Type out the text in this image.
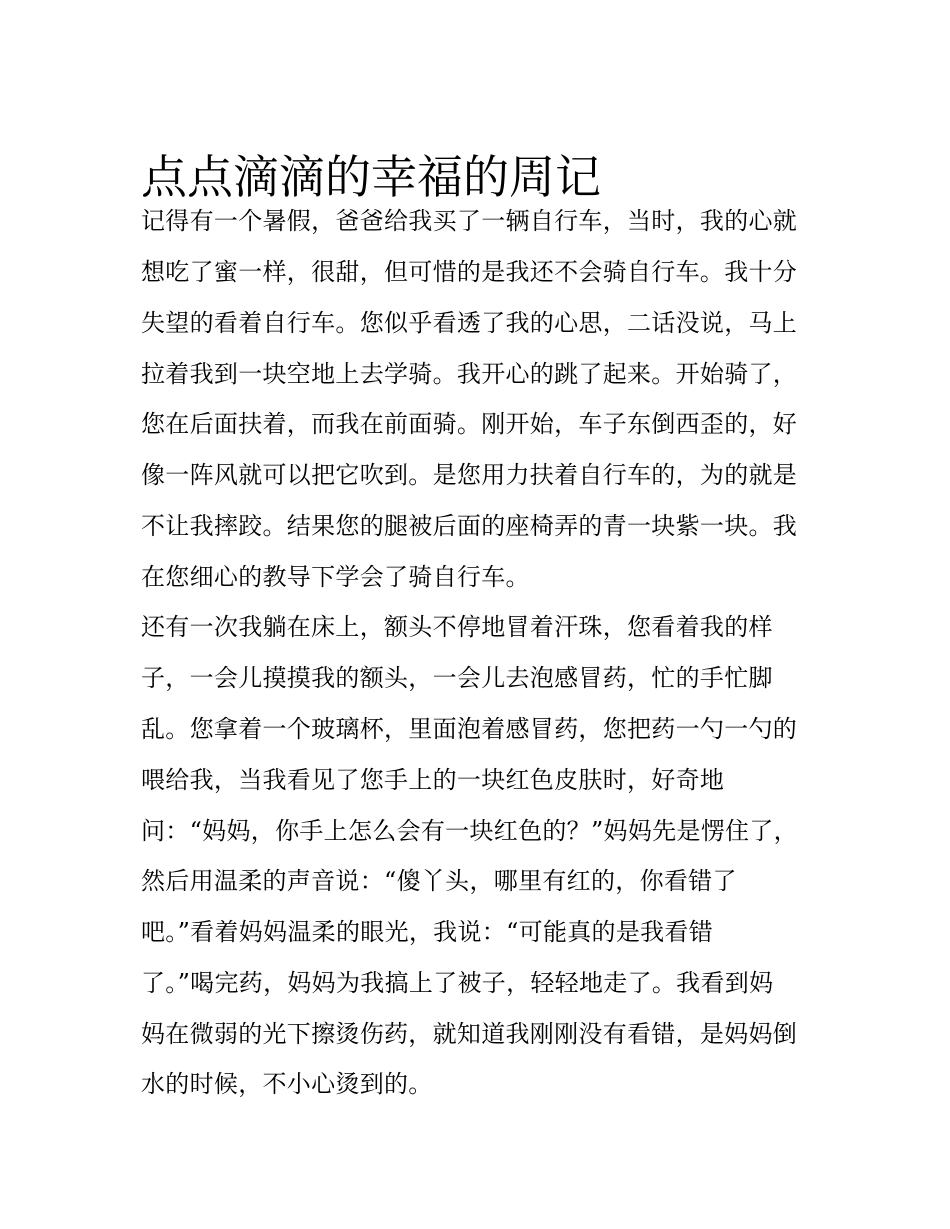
点点滴滴的幸福的周记
记得有一个暑假，爸爸给我买了一辆自行车，当时，我的心就
想吃了蜜一样，很甜，但可惜的是我还不会骑自行车。我十分
失望的看着自行车。您似乎看透了我的心思，二话没说，马上
拉着我到一块空地上去学骑。我开心的跳了起来。开始骑了，
您在后面扶着，而我在前面骑。刚开始，车子东倒西歪的，好
像一阵风就可以把它吹到。是您用力扶着自行车的，为的就是
不让我摔跤。结果您的腿被后面的座椅弄的青一块紫一块。我
在您细心的教导下学会了骑自行车。
还有一次我躺在床上，额头不停地冒着汗珠，您看着我的样
子，一会儿摸摸我的额头，一会儿去泡感冒药，忙的手忙脚
乱。您拿着一个玻璃杯，里面泡着感冒药，您把药一勺一勺的
喂给我，当我看见了您手上的一块红色皮肤时，好奇地
问：“妈妈，你手上怎么会有一块红色的？”妈妈先是愣住了，
然后用温柔的声音说：“傻丫头，哪里有红的，你看错了
吧。”看着妈妈温柔的眼光，我说：“可能真的是我看错
了。”喝完药，妈妈为我搞上了被子，轻轻地走了。我看到妈
妈在微弱的光下擦烫伤药，就知道我刚刚没有看错，是妈妈倒
水的时候，不小心烫到的。
